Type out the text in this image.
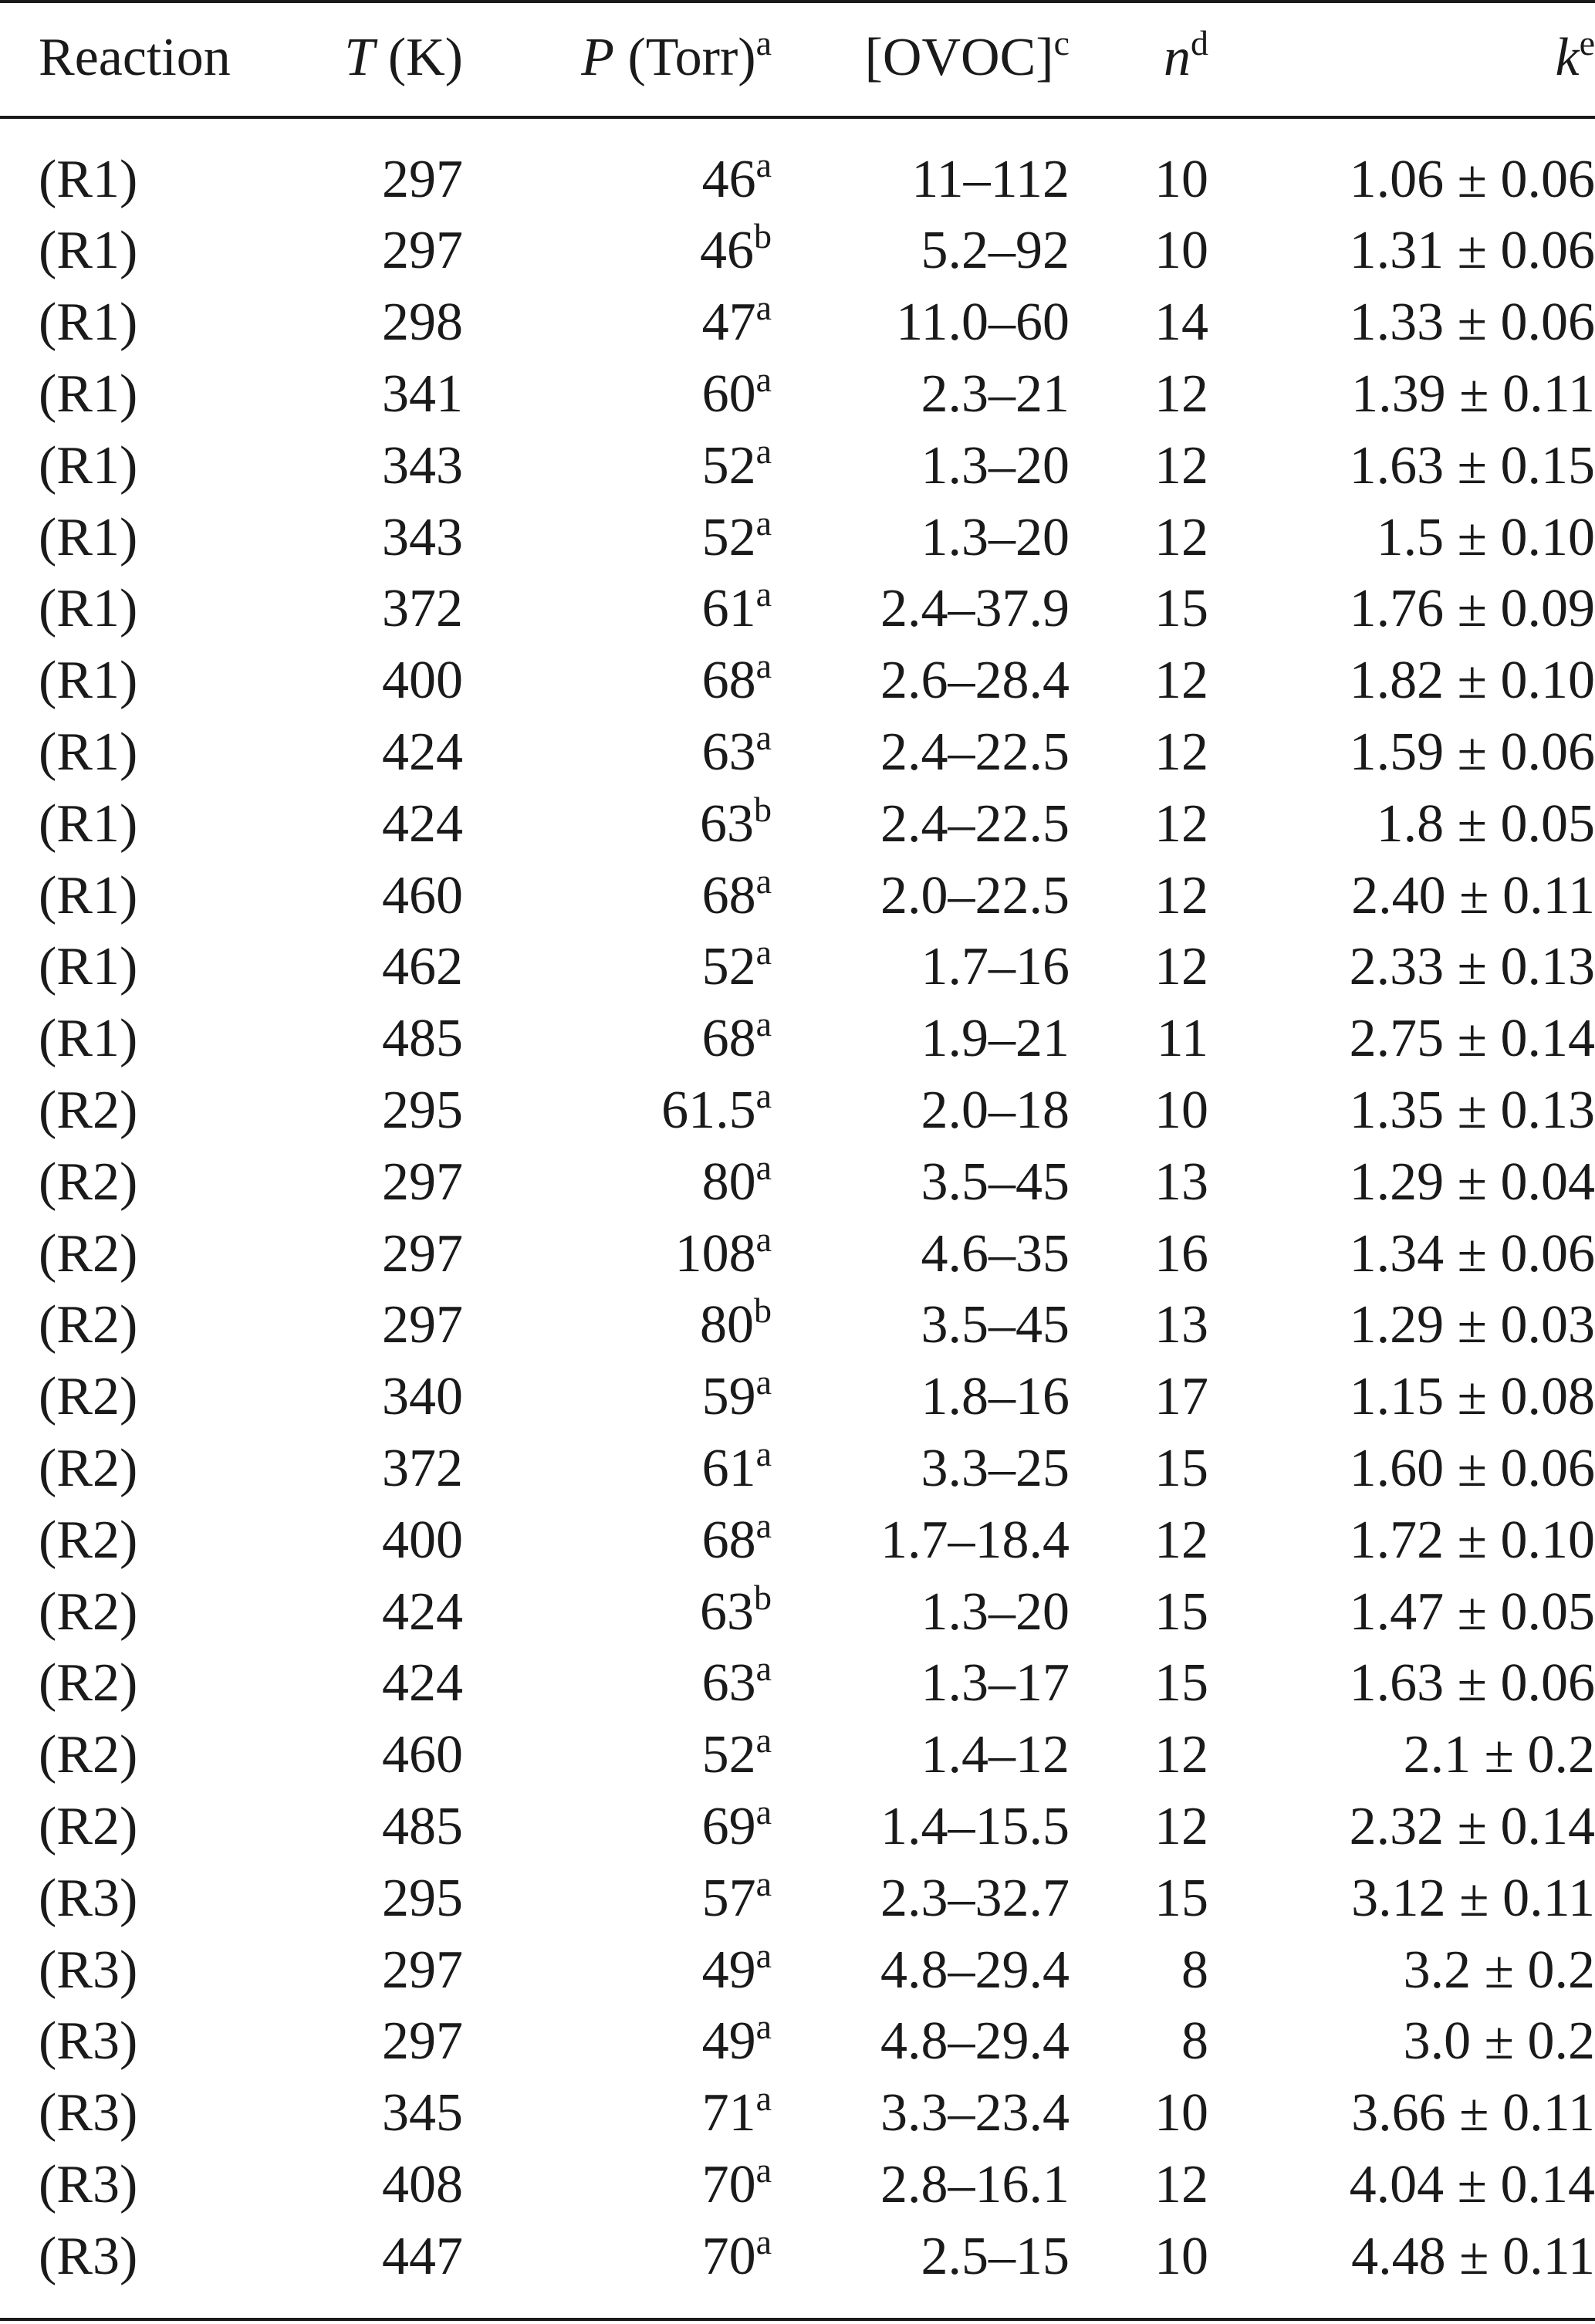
Reaction	T (K)	P (Torr)$^a$	[OVOC]$^c$	$n^d$	$k^e$
(R1)	297	46$^a$	11–112	10	1.06 ± 0.06
(R1)	297	46$^b$	5.2–92	10	1.31 ± 0.06
(R1)	298	47$^a$	11.0–60	14	1.33 ± 0.06
(R1)	341	60$^a$	2.3–21	12	1.39 ± 0.11
(R1)	343	52$^a$	1.3–20	12	1.63 ± 0.15
(R1)	343	52$^a$	1.3–20	12	1.5 ± 0.10
(R1)	372	61$^a$	2.4–37.9	15	1.76 ± 0.09
(R1)	400	68$^a$	2.6–28.4	12	1.82 ± 0.10
(R1)	424	63$^a$	2.4–22.5	12	1.59 ± 0.06
(R1)	424	63$^b$	2.4–22.5	12	1.8 ± 0.05
(R1)	460	68$^a$	2.0–22.5	12	2.40 ± 0.11
(R1)	462	52$^a$	1.7–16	12	2.33 ± 0.13
(R1)	485	68$^a$	1.9–21	11	2.75 ± 0.14
(R2)	295	61.5$^a$	2.0–18	10	1.35 ± 0.13
(R2)	297	80$^a$	3.5–45	13	1.29 ± 0.04
(R2)	297	108$^a$	4.6–35	16	1.34 ± 0.06
(R2)	297	80$^b$	3.5–45	13	1.29 ± 0.03
(R2)	340	59$^a$	1.8–16	17	1.15 ± 0.08
(R2)	372	61$^a$	3.3–25	15	1.60 ± 0.06
(R2)	400	68$^a$	1.7–18.4	12	1.72 ± 0.10
(R2)	424	63$^b$	1.3–20	15	1.47 ± 0.05
(R2)	424	63$^a$	1.3–17	15	1.63 ± 0.06
(R2)	460	52$^a$	1.4–12	12	2.1 ± 0.2
(R2)	485	69$^a$	1.4–15.5	12	2.32 ± 0.14
(R3)	295	57$^a$	2.3–32.7	15	3.12 ± 0.11
(R3)	297	49$^a$	4.8–29.4	8	3.2 ± 0.2
(R3)	297	49$^a$	4.8–29.4	8	3.0 ± 0.2
(R3)	345	71$^a$	3.3–23.4	10	3.66 ± 0.11
(R3)	408	70$^a$	2.8–16.1	12	4.04 ± 0.14
(R3)	447	70$^a$	2.5–15	10	4.48 ± 0.11
